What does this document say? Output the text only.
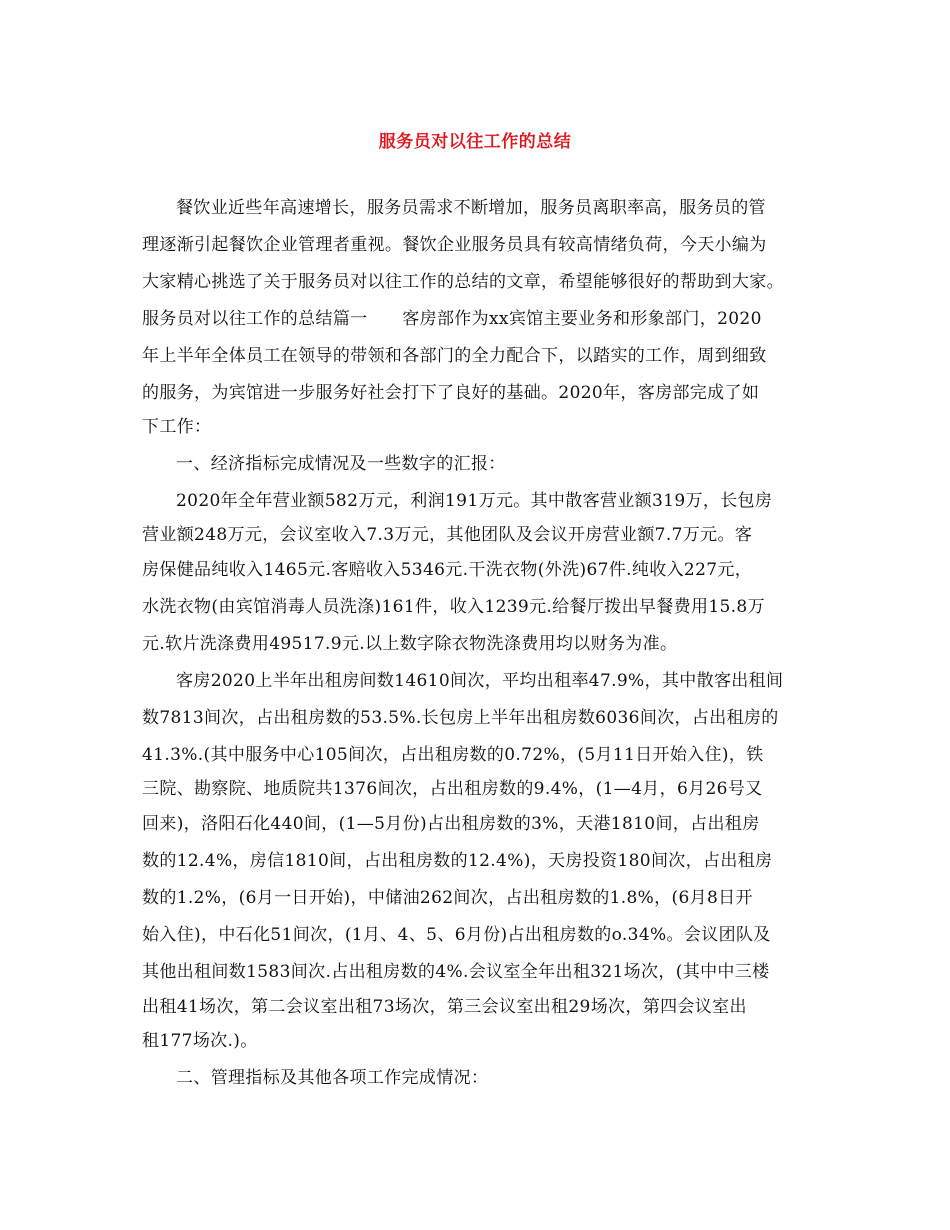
服务员对以往工作的总结
餐饮业近些年高速增长，服务员需求不断增加，服务员离职率高，服务员的管
理逐渐引起餐饮企业管理者重视。餐饮企业服务员具有较高情绪负荷，今天小编为
大家精心挑选了关于服务员对以往工作的总结的文章，希望能够很好的帮助到大家。
服务员对以往工作的总结篇一　　客房部作为xx宾馆主要业务和形象部门，2020
年上半年全体员工在领导的带领和各部门的全力配合下，以踏实的工作，周到细致
的服务，为宾馆进一步服务好社会打下了良好的基础。2020年，客房部完成了如
下工作：
一、经济指标完成情况及一些数字的汇报：
2020年全年营业额582万元，利润191万元。其中散客营业额319万，长包房
营业额248万元，会议室收入7.3万元，其他团队及会议开房营业额7.7万元。客
房保健品纯收入1465元.客赔收入5346元.干洗衣物(外洗)67件.纯收入227元，
水洗衣物(由宾馆消毒人员洗涤)161件，收入1239元.给餐厅拨出早餐费用15.8万
元.软片洗涤费用49517.9元.以上数字除衣物洗涤费用均以财务为准。
客房2020上半年出租房间数14610间次，平均出租率47.9%，其中散客出租间
数7813间次，占出租房数的53.5%.长包房上半年出租房数6036间次，占出租房的
41.3%.(其中服务中心105间次，占出租房数的0.72%，(5月11日开始入住)，铁
三院、勘察院、地质院共1376间次，占出租房数的9.4%，(1—4月，6月26号又
回来)，洛阳石化440间，(1—5月份)占出租房数的3%，天港1810间，占出租房
数的12.4%，房信1810间，占出租房数的12.4%)，天房投资180间次，占出租房
数的1.2%，(6月一日开始)，中储油262间次，占出租房数的1.8%，(6月8日开
始入住)，中石化51间次，(1月、4、5、6月份)占出租房数的o.34%。会议团队及
其他出租间数1583间次.占出租房数的4%.会议室全年出租321场次，(其中中三楼
出租41场次，第二会议室出租73场次，第三会议室出租29场次，第四会议室出
租177场次.)。
二、管理指标及其他各项工作完成情况：
